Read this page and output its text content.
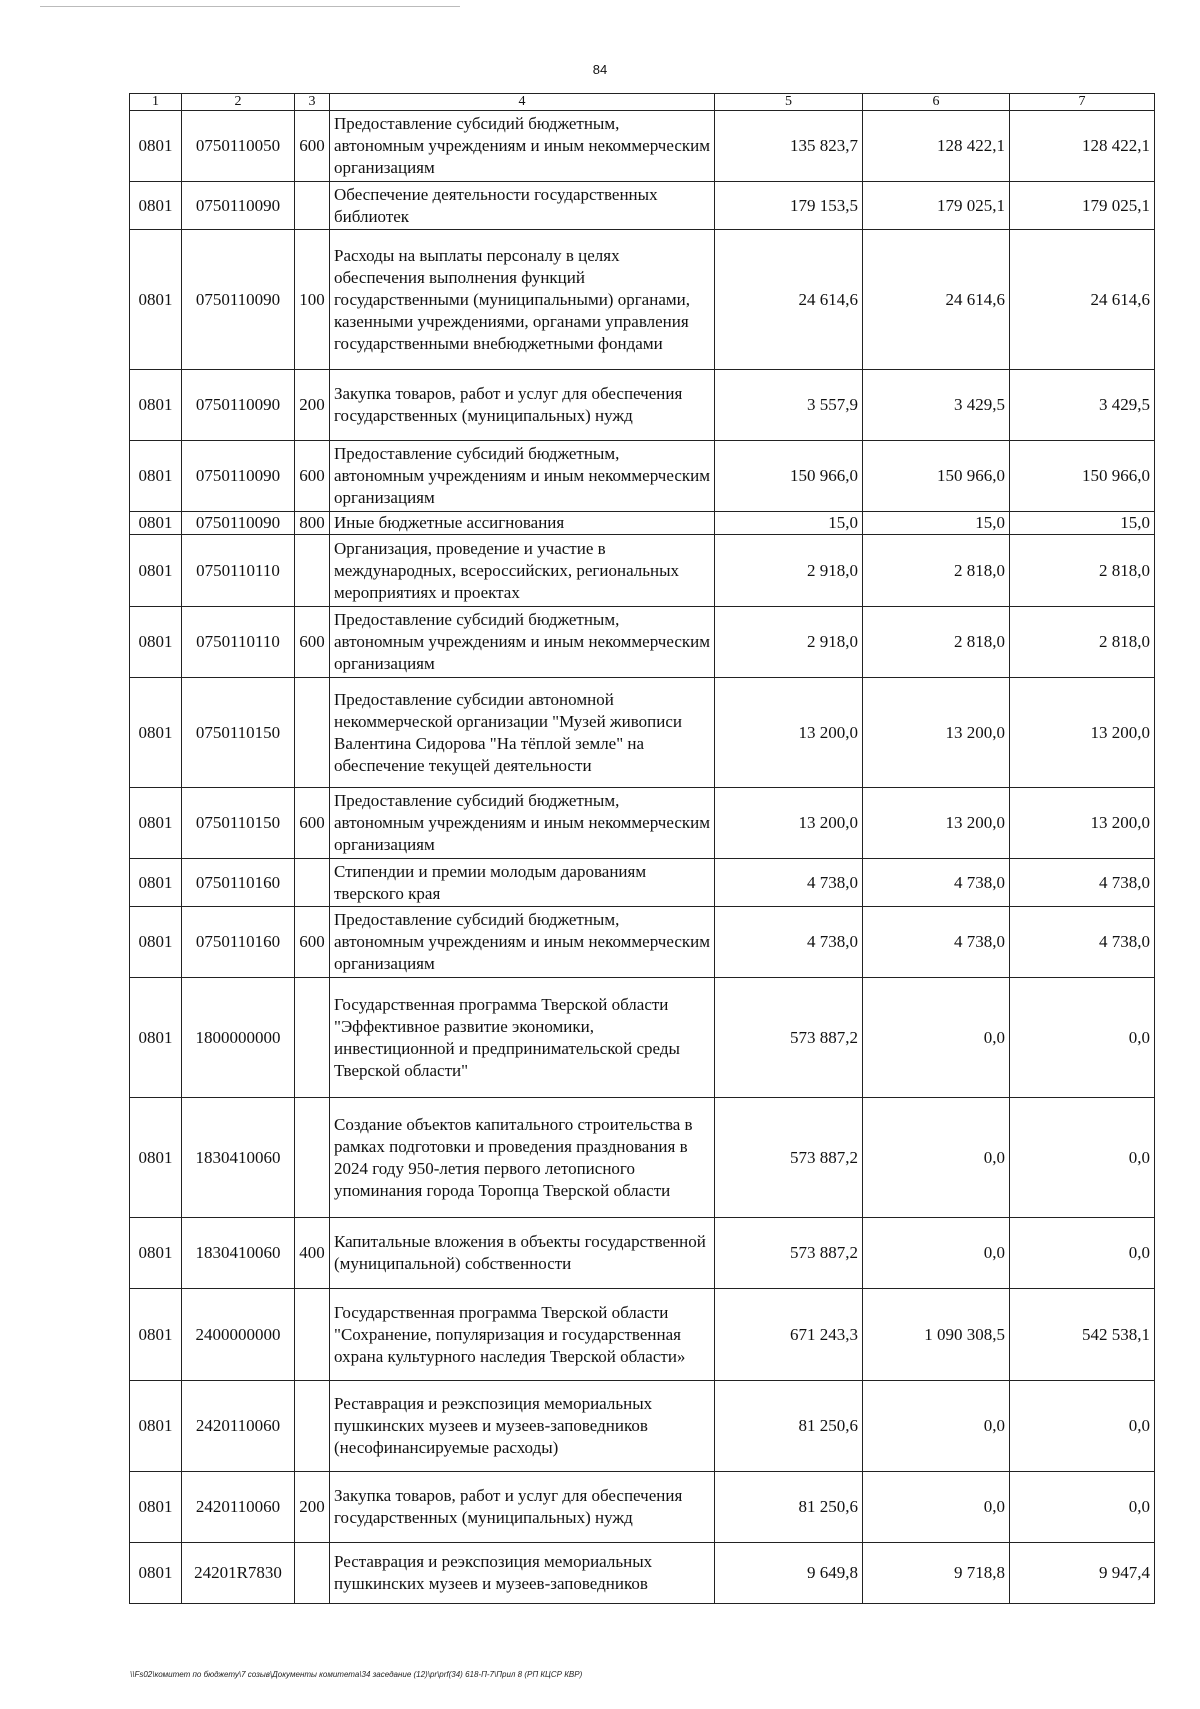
84
1	2	3	4	5	6	7
0801	0750110050	600	Предоставление субсидий бюджетным, автономным учреждениям и иным некоммерческим организациям	135 823,7	128 422,1	128 422,1
0801	0750110090		Обеспечение деятельности государственных библиотек	179 153,5	179 025,1	179 025,1
0801	0750110090	100	Расходы на выплаты персоналу в целях обеспечения выполнения функций государственными (муниципальными) органами, казенными учреждениями, органами управления государственными внебюджетными фондами	24 614,6	24 614,6	24 614,6
0801	0750110090	200	Закупка товаров, работ и услуг для обеспечения государственных (муниципальных) нужд	3 557,9	3 429,5	3 429,5
0801	0750110090	600	Предоставление субсидий бюджетным, автономным учреждениям и иным некоммерческим организациям	150 966,0	150 966,0	150 966,0
0801	0750110090	800	Иные бюджетные ассигнования	15,0	15,0	15,0
0801	0750110110		Организация, проведение и участие в международных, всероссийских, региональных мероприятиях и проектах	2 918,0	2 818,0	2 818,0
0801	0750110110	600	Предоставление субсидий бюджетным, автономным учреждениям и иным некоммерческим организациям	2 918,0	2 818,0	2 818,0
0801	0750110150		Предоставление субсидии автономной некоммерческой организации "Музей живописи Валентина Сидорова "На тёплой земле" на обеспечение текущей деятельности	13 200,0	13 200,0	13 200,0
0801	0750110150	600	Предоставление субсидий бюджетным, автономным учреждениям и иным некоммерческим организациям	13 200,0	13 200,0	13 200,0
0801	0750110160		Стипендии и премии молодым дарованиям тверского края	4 738,0	4 738,0	4 738,0
0801	0750110160	600	Предоставление субсидий бюджетным, автономным учреждениям и иным некоммерческим организациям	4 738,0	4 738,0	4 738,0
0801	1800000000		Государственная программа Тверской области "Эффективное развитие экономики, инвестиционной и предпринимательской среды Тверской области"	573 887,2	0,0	0,0
0801	1830410060		Создание объектов капитального строительства в рамках подготовки и проведения празднования в 2024 году 950-летия первого летописного упоминания города Торопца Тверской области	573 887,2	0,0	0,0
0801	1830410060	400	Капитальные вложения в объекты государственной (муниципальной) собственности	573 887,2	0,0	0,0
0801	2400000000		Государственная программа Тверской области "Сохранение, популяризация и государственная охрана культурного наследия Тверской области»	671 243,3	1 090 308,5	542 538,1
0801	2420110060		Реставрация и реэкспозиция мемориальных пушкинских музеев и музеев-заповедников (несофинансируемые расходы)	81 250,6	0,0	0,0
0801	2420110060	200	Закупка товаров, работ и услуг для обеспечения государственных (муниципальных) нужд	81 250,6	0,0	0,0
0801	24201R7830		Реставрация и реэкспозиция мемориальных пушкинских музеев и музеев-заповедников	9 649,8	9 718,8	9 947,4
\\Fs02\комитет по бюджету\7 созыв\Документы комитета\34 заседание (12)\pr\prf(34) 618-П-7\Прил 8 (РП КЦСР КВР)
